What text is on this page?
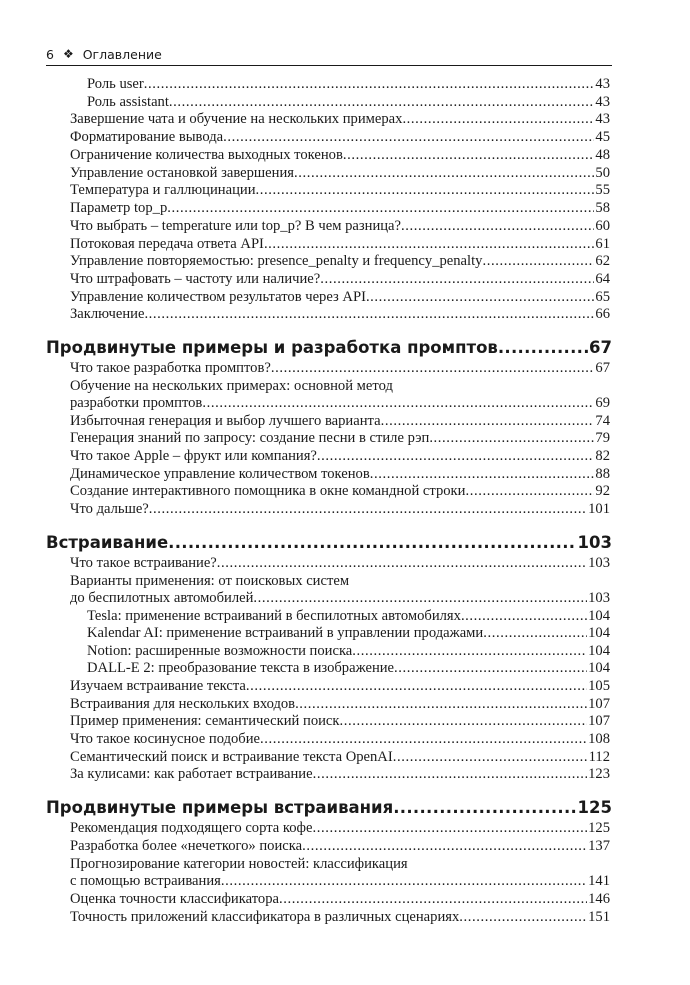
6 ❖ Оглавление
Роль user .....	43
Роль assistant .....	43
Завершение чата и обучение на нескольких примерах .....	43
Форматирование вывода .....	45
Ограничение количества выходных токенов .....	48
Управление остановкой завершения .....	50
Температура и галлюцинации .....	55
Параметр top_p .....	58
Что выбрать – temperature или top_p? В чем разница? .....	60
Потоковая передача ответа API .....	61
Управление повторяемостью: presence_penalty и frequency_penalty .....	62
Что штрафовать – частоту или наличие? .....	64
Управление количеством результатов через API .....	65
Заключение .....	66
Продвинутые примеры и разработка промптов .....	67
Что такое разработка промптов? .....	67
Обучение на нескольких примерах: основной метод
разработки промптов .....	69
Избыточная генерация и выбор лучшего варианта .....	74
Генерация знаний по запросу: создание песни в стиле рэп .....	79
Что такое Apple – фрукт или компания? .....	82
Динамическое управление количеством токенов .....	88
Создание интерактивного помощника в окне командной строки .....	92
Что дальше? .....	101
Встраивание .....	103
Что такое встраивание? .....	103
Варианты применения: от поисковых систем
до беспилотных автомобилей .....	103
Tesla: применение встраиваний в беспилотных автомобилях .....	104
Kalendar AI: применение встраиваний в управлении продажами .....	104
Notion: расширенные возможности поиска .....	104
DALL-E 2: преобразование текста в изображение .....	104
Изучаем встраивание текста .....	105
Встраивания для нескольких входов .....	107
Пример применения: семантический поиск .....	107
Что такое косинусное подобие .....	108
Семантический поиск и встраивание текста OpenAI .....	112
За кулисами: как работает встраивание .....	123
Продвинутые примеры встраивания .....	125
Рекомендация подходящего сорта кофе .....	125
Разработка более «нечеткого» поиска .....	137
Прогнозирование категории новостей: классификация
с помощью встраивания .....	141
Оценка точности классификатора .....	146
Точность приложений классификатора в различных сценариях .....	151
